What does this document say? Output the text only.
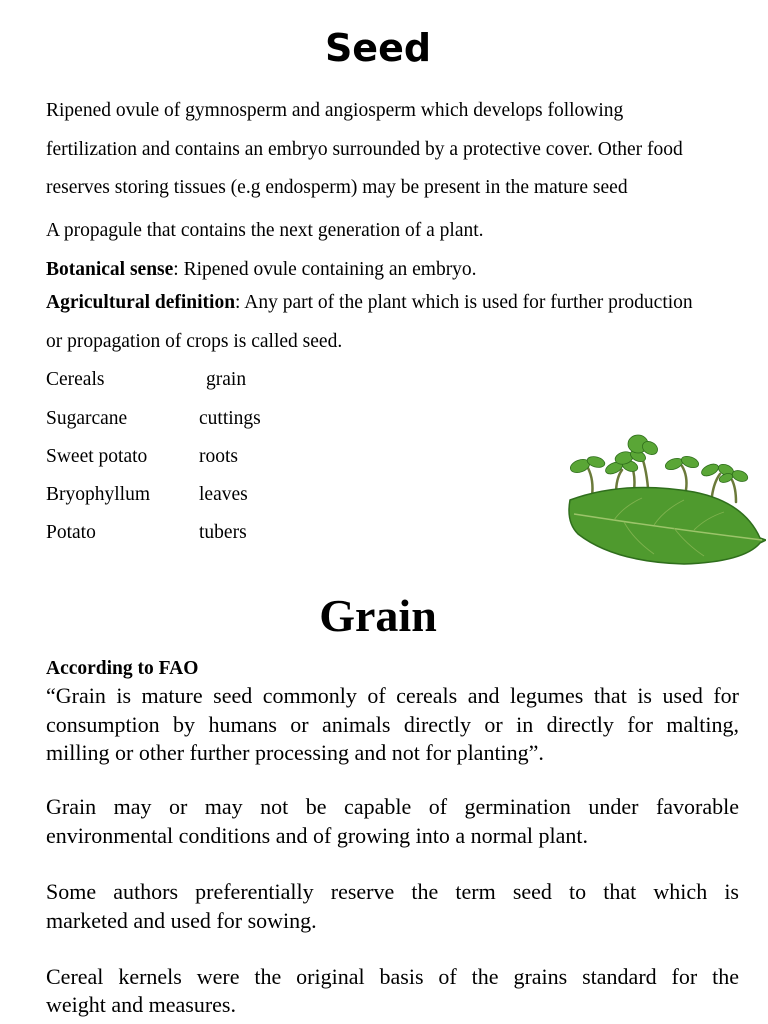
Seed
Ripened ovule of gymnosperm and angiosperm which develops following
fertilization and contains an embryo surrounded by a protective cover. Other food
reserves storing tissues (e.g endosperm) may be present in the mature seed
A propagule that contains the next generation of a plant.
Botanical sense: Ripened ovule containing an embryo.
Agricultural definition: Any part of the plant which is used for further production
or propagation of crops is called seed.
Cereals	grain
Sugarcane	cuttings
Sweet potato	roots
Bryophyllum	leaves
Potato	tubers
Grain
According to FAO
“Grain is mature seed commonly of cereals and legumes that is used for
consumption by humans or animals directly or in directly for malting,
milling or other further processing and not for planting”.
Grain may or may not be capable of germination under favorable
environmental conditions and of growing into a normal plant.
Some authors preferentially reserve the term seed to that which is
marketed and used for sowing.
Cereal kernels were the original basis of the grains standard for the
weight and measures.
